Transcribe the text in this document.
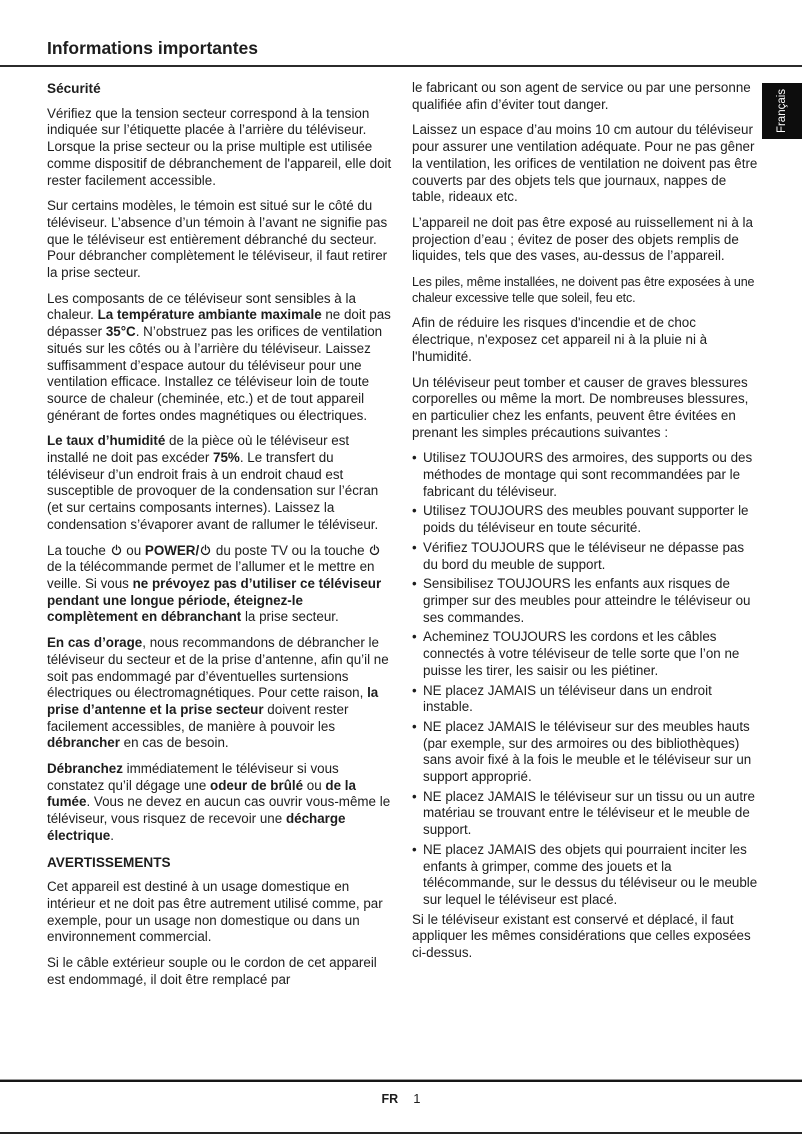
Informations importantes
Français
Sécurité

Vérifiez que la tension secteur correspond à la tension indiquée sur l’étiquette placée à l’arrière du téléviseur. Lorsque la prise secteur ou la prise multiple est utilisée comme dispositif de débranchement de l'appareil, elle doit rester facilement accessible.

Sur certains modèles, le témoin est situé sur le côté du téléviseur. L’absence d’un témoin à l’avant ne signifie pas que le téléviseur est entièrement débranché du secteur. Pour débrancher complètement le téléviseur, il faut retirer la prise secteur.

Les composants de ce téléviseur sont sensibles à la chaleur. La température ambiante maximale ne doit pas dépasser 35°C. N’obstruez pas les orifices de ventilation situés sur les côtés ou à l’arrière du téléviseur. Laissez suffisamment d’espace autour du téléviseur pour une ventilation efficace. Installez ce téléviseur loin de toute source de chaleur (cheminée, etc.) et de tout appareil générant de fortes ondes magnétiques ou électriques.

Le taux d’humidité de la pièce où le téléviseur est installé ne doit pas excéder 75%. Le transfert du téléviseur d’un endroit frais à un endroit chaud est susceptible de provoquer de la condensation sur l’écran (et sur certains composants internes). Laissez la condensation s’évaporer avant de rallumer le téléviseur.

La touche  ou POWER/ du poste TV ou la touche  de la télécommande permet de l’allumer et le mettre en veille. Si vous ne prévoyez pas d’utiliser ce téléviseur pendant une longue période, éteignez-le complètement en débranchant la prise secteur.

En cas d’orage, nous recommandons de débrancher le téléviseur du secteur et de la prise d’antenne, afin qu’il ne soit pas endommagé par d’éventuelles surtensions électriques ou électromagnétiques. Pour cette raison, la prise d’antenne et la prise secteur doivent rester facilement accessibles, de manière à pouvoir les débrancher en cas de besoin.

Débranchez immédiatement le téléviseur si vous constatez qu’il dégage une odeur de brûlé ou de la fumée. Vous ne devez en aucun cas ouvrir vous-même le téléviseur, vous risquez de recevoir une décharge électrique.

AVERTISSEMENTS

Cet appareil est destiné à un usage domestique en intérieur et ne doit pas être autrement utilisé comme, par exemple, pour un usage non domestique ou dans un environnement commercial.

Si le câble extérieur souple ou le cordon de cet appareil est endommagé, il doit être remplacé par

le fabricant ou son agent de service ou par une personne qualifiée afin d’éviter tout danger.

Laissez un espace d’au moins 10 cm autour du téléviseur pour assurer une ventilation adéquate. Pour ne pas gêner la ventilation, les orifices de ventilation ne doivent pas être couverts par des objets tels que journaux, nappes de table, rideaux etc.

L’appareil ne doit pas être exposé au ruissellement ni à la projection d’eau ; évitez de poser des objets remplis de liquides, tels que des vases, au-dessus de l’appareil.

Les piles, même installées, ne doivent pas être exposées à une chaleur excessive telle que soleil, feu etc.

Afin de réduire les risques d'incendie et de choc électrique, n'exposez cet appareil ni à la pluie ni à l'humidité.

Un téléviseur peut tomber et causer de graves blessures corporelles ou même la mort. De nombreuses blessures, en particulier chez les enfants, peuvent être évitées en prenant les simples précautions suivantes :

• Utilisez TOUJOURS des armoires, des supports ou des méthodes de montage qui sont recommandées par le fabricant du téléviseur.
• Utilisez TOUJOURS des meubles pouvant supporter le poids du téléviseur en toute sécurité.
• Vérifiez TOUJOURS que le téléviseur ne dépasse pas du bord du meuble de support.
• Sensibilisez TOUJOURS les enfants aux risques de grimper sur des meubles pour atteindre le téléviseur ou ses commandes.
• Acheminez TOUJOURS les cordons et les câbles connectés à votre téléviseur de telle sorte que l’on ne puisse les tirer, les saisir ou les piétiner.
• NE placez JAMAIS un téléviseur dans un endroit instable.
• NE placez JAMAIS le téléviseur sur des meubles hauts (par exemple, sur des armoires ou des bibliothèques) sans avoir fixé à la fois le meuble et le téléviseur sur un support approprié.
• NE placez JAMAIS le téléviseur sur un tissu ou un autre matériau se trouvant entre le téléviseur et le meuble de support.
• NE placez JAMAIS des objets qui pourraient inciter les enfants à grimper, comme des jouets et la télécommande, sur le dessus du téléviseur ou le meuble sur lequel le téléviseur est placé.

Si le téléviseur existant est conservé et déplacé, il faut appliquer les mêmes considérations que celles exposées ci-dessus.

FR 1
